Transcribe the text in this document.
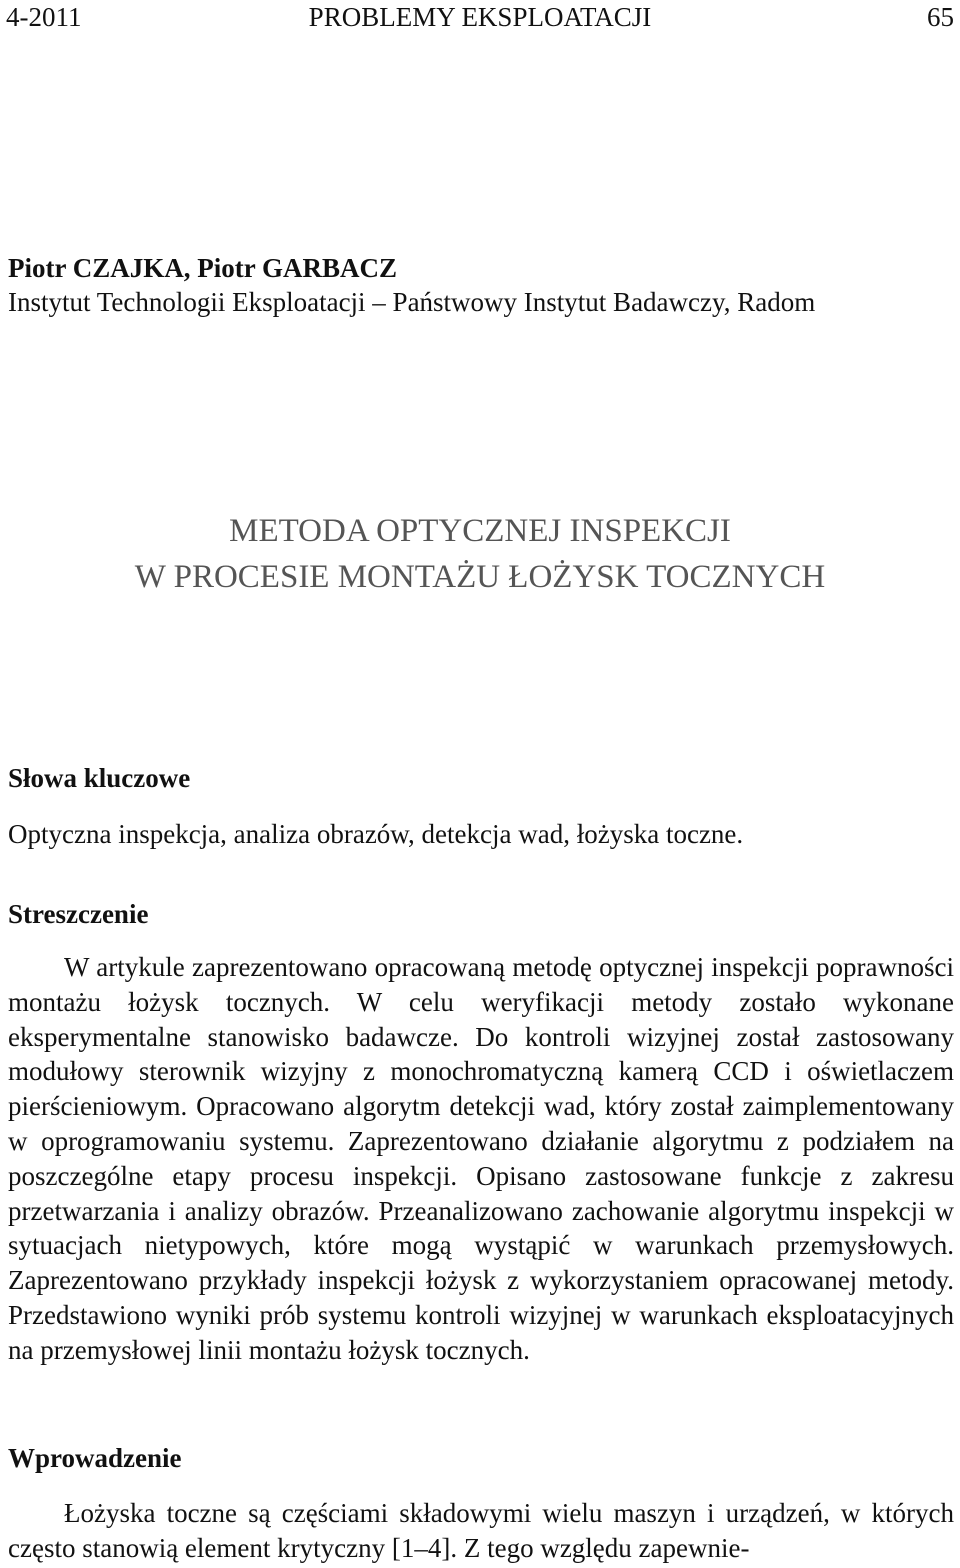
4-2011	PROBLEMY EKSPLOATACJI	65
Piotr CZAJKA, Piotr GARBACZ
Instytut Technologii Eksploatacji – Państwowy Instytut Badawczy, Radom
METODA OPTYCZNEJ INSPEKCJI
W PROCESIE MONTAŻU ŁOŻYSK TOCZNYCH
Słowa kluczowe
Optyczna inspekcja, analiza obrazów, detekcja wad, łożyska toczne.
Streszczenie

W artykule zaprezentowano opracowaną metodę optycznej inspekcji poprawności montażu łożysk tocznych. W celu weryfikacji metody zostało wykonane eksperymentalne stanowisko badawcze. Do kontroli wizyjnej został zastosowany modułowy sterownik wizyjny z monochromatyczną kamerą CCD i oświetlaczem pierścieniowym. Opracowano algorytm detekcji wad, który został zaimplementowany w oprogramowaniu systemu. Zaprezentowano działanie algorytmu z podziałem na poszczególne etapy procesu inspekcji. Opisano zastosowane funkcje z zakresu przetwarzania i analizy obrazów. Przeanalizowano zachowanie algorytmu inspekcji w sytuacjach nietypowych, które mogą wystąpić w warunkach przemysłowych. Zaprezentowano przykłady inspekcji łożysk z wykorzystaniem opracowanej metody. Przedstawiono wyniki prób systemu kontroli wizyjnej w warunkach eksploatacyjnych na przemysłowej linii montażu łożysk tocznych.

Wprowadzenie

Łożyska toczne są częściami składowymi wielu maszyn i urządzeń, w których często stanowią element krytyczny [1–4]. Z tego względu zapewnie-
